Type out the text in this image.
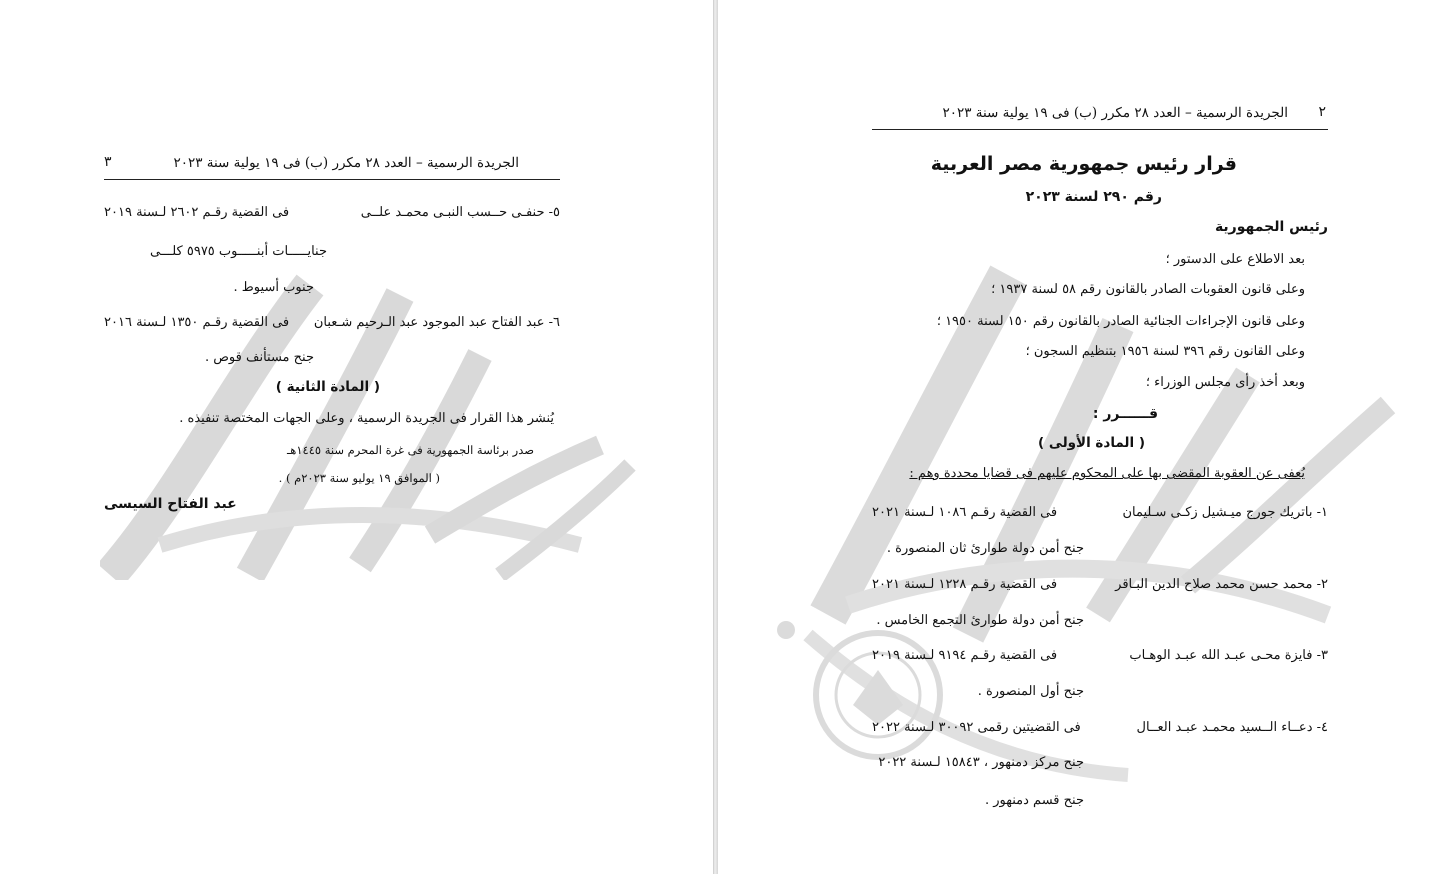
الجريدة الرسمية – العدد ٢٨ مكرر (ب) فى ١٩ يولية سنة ٢٠٢٣
٣
٥- حنفـى حــسب النبـى محمـد علــى
فى القضية رقـم ٢٦٠٢ لـسنة ٢٠١٩
جنايـــــات أبنـــــوب ٥٩٧٥ كلـــى
جنوب أسيوط .
٦- عبد الفتاح عبد الموجود عبد الـرحيم شـعبان
فى القضية رقـم ١٣٥٠ لـسنة ٢٠١٦
جنح مستأنف قوص .
( المادة الثانية )
يُنشر هذا القرار فى الجريدة الرسمية ، وعلى الجهات المختصة تنفيذه .
صدر برئاسة الجمهورية فى غرة المحرم سنة ١٤٤٥هـ
( الموافق ١٩ يوليو سنة ٢٠٢٣م ) .
عبد الفتاح السيسى
الجريدة الرسمية – العدد ٢٨ مكرر (ب) فى ١٩ يولية سنة ٢٠٢٣ ٢
قرار رئيس جمهورية مصر العربية
رقم ٢٩٠ لسنة ٢٠٢٣
رئيس الجمهورية
بعد الاطلاع على الدستور ؛
وعلى قانون العقوبات الصادر بالقانون رقم ٥٨ لسنة ١٩٣٧ ؛
وعلى قانون الإجراءات الجنائية الصادر بالقانون رقم ١٥٠ لسنة ١٩٥٠ ؛
وعلى القانون رقم ٣٩٦ لسنة ١٩٥٦ بتنظيم السجون ؛
وبعد أخذ رأى مجلس الوزراء ؛
قــــــرر :
( المادة الأولى )
يُعفى عن العقوبة المقضى بها على المحكوم عليهم فى قضايا محددة وهم :
١- باتريك جورج ميـشيل زكـى سـليمان
فى القضية رقـم ١٠٨٦ لـسنة ٢٠٢١
جنح أمن دولة طوارئ ثان المنصورة .
٢- محمد حسن محمد صلاح الدين البـاقر
فى القضية رقـم ١٢٢٨ لـسنة ٢٠٢١
جنح أمن دولة طوارئ التجمع الخامس .
٣- فايزة محـى عبـد الله عبـد الوهـاب
فى القضية رقـم ٩١٩٤ لـسنة ٢٠١٩
جنح أول المنصورة .
٤- دعــاء الــسيد محمـد عبـد العــال
فى القضيتين رقمى ٣٠٠٩٢ لـسنة ٢٠٢٢
جنح مركز دمنهور ، ١٥٨٤٣ لـسنة ٢٠٢٢
جنح قسم دمنهور .
